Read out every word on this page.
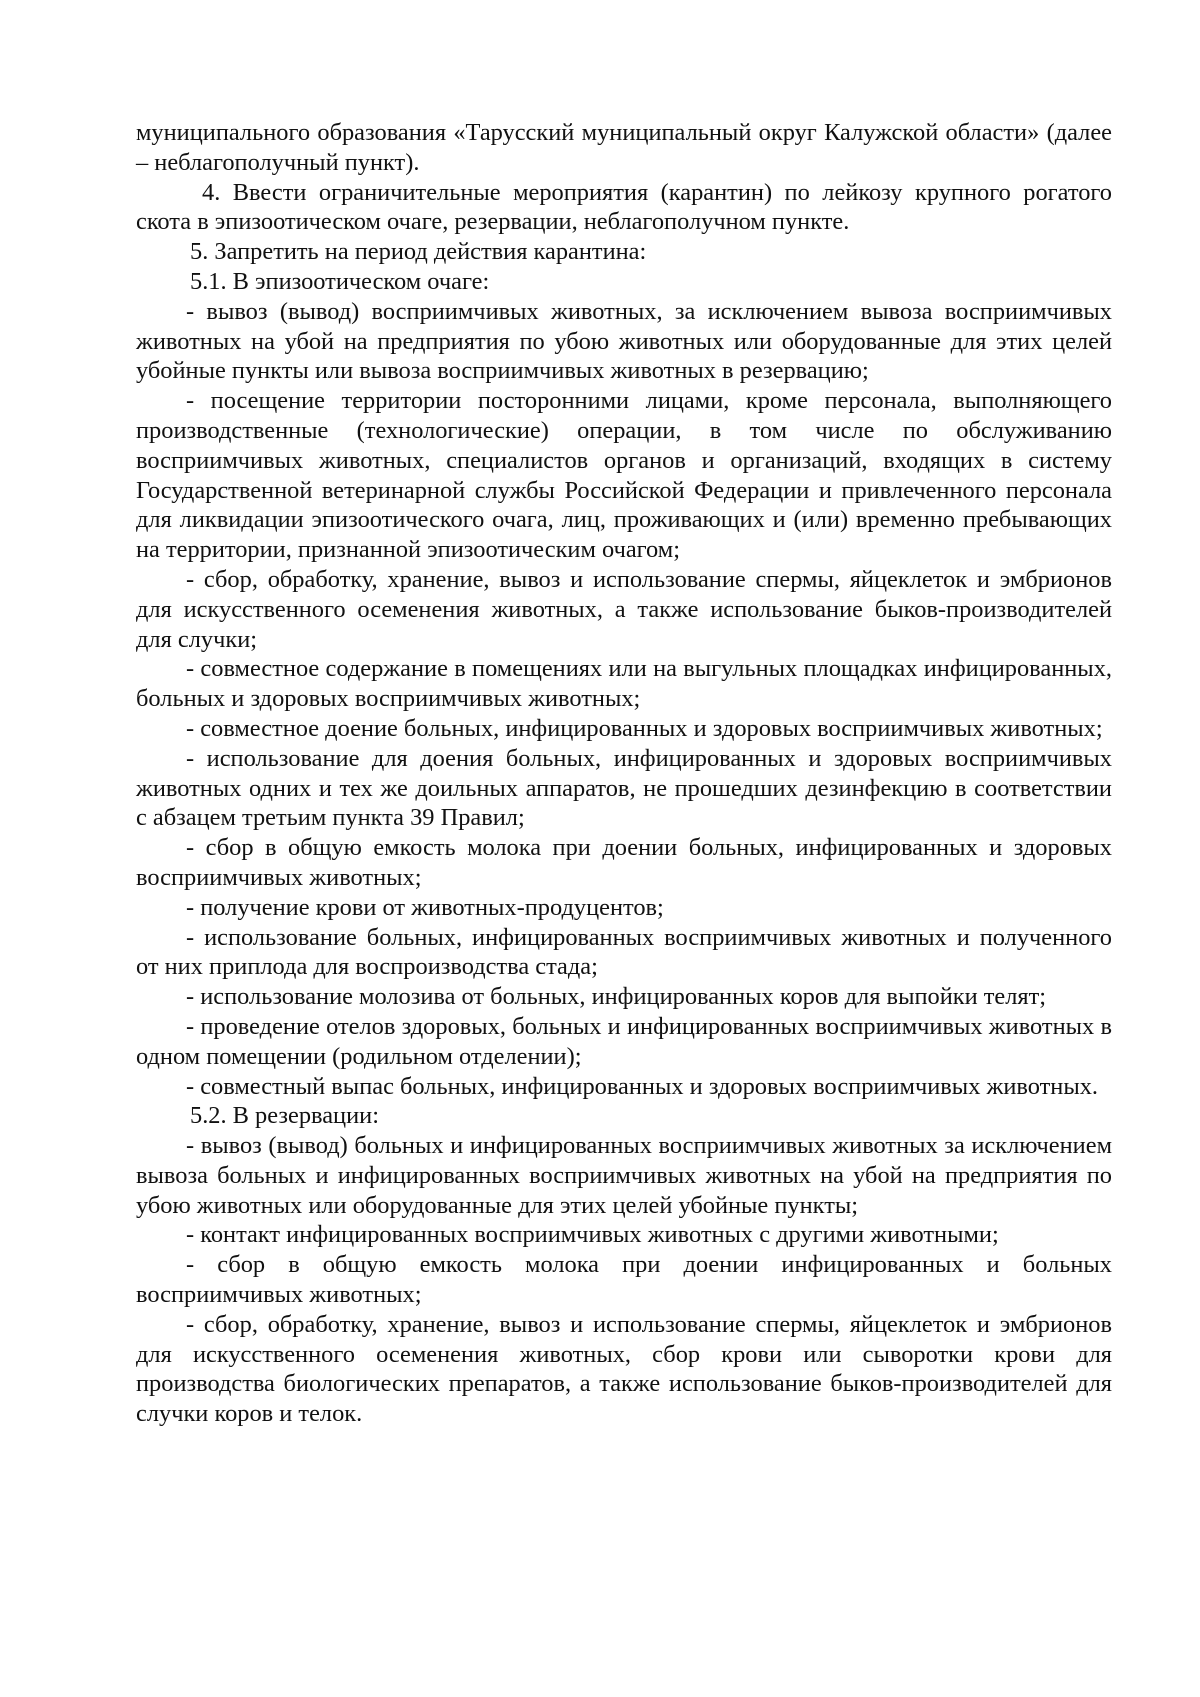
муниципального образования «Тарусский муниципальный округ Калужской области» (далее – неблагополучный пункт).

4. Ввести ограничительные мероприятия (карантин) по лейкозу крупного рогатого скота в эпизоотическом очаге, резервации, неблагополучном пункте.

5. Запретить на период действия карантина:

5.1. В эпизоотическом очаге:

- вывоз (вывод) восприимчивых животных, за исключением вывоза восприимчивых животных на убой на предприятия по убою животных или оборудованные для этих целей убойные пункты или вывоза восприимчивых животных в резервацию;

- посещение территории посторонними лицами, кроме персонала, выполняющего производственные (технологические) операции, в том числе по обслуживанию восприимчивых животных, специалистов органов и организаций, входящих в систему Государственной ветеринарной службы Российской Федерации и привлеченного персонала для ликвидации эпизоотического очага, лиц, проживающих и (или) временно пребывающих на территории, признанной эпизоотическим очагом;

- сбор, обработку, хранение, вывоз и использование спермы, яйцеклеток и эмбрионов для искусственного осеменения животных, а также использование быков-производителей для случки;

- совместное содержание в помещениях или на выгульных площадках инфицированных, больных и здоровых восприимчивых животных;

- совместное доение больных, инфицированных и здоровых восприимчивых животных;

- использование для доения больных, инфицированных и здоровых восприимчивых животных одних и тех же доильных аппаратов, не прошедших дезинфекцию в соответствии с абзацем третьим пункта 39 Правил;

- сбор в общую емкость молока при доении больных, инфицированных и здоровых восприимчивых животных;

- получение крови от животных-продуцентов;

- использование больных, инфицированных восприимчивых животных и полученного от них приплода для воспроизводства стада;

- использование молозива от больных, инфицированных коров для выпойки телят;

- проведение отелов здоровых, больных и инфицированных восприимчивых животных в одном помещении (родильном отделении);

- совместный выпас больных, инфицированных и здоровых восприимчивых животных.

5.2. В резервации:

- вывоз (вывод) больных и инфицированных восприимчивых животных за исключением вывоза больных и инфицированных восприимчивых животных на убой на предприятия по убою животных или оборудованные для этих целей убойные пункты;

- контакт инфицированных восприимчивых животных с другими животными;

- сбор в общую емкость молока при доении инфицированных и больных восприимчивых животных;

- сбор, обработку, хранение, вывоз и использование спермы, яйцеклеток и эмбрионов для искусственного осеменения животных, сбор крови или сыворотки крови для производства биологических препаратов, а также использование быков-производителей для случки коров и телок.
